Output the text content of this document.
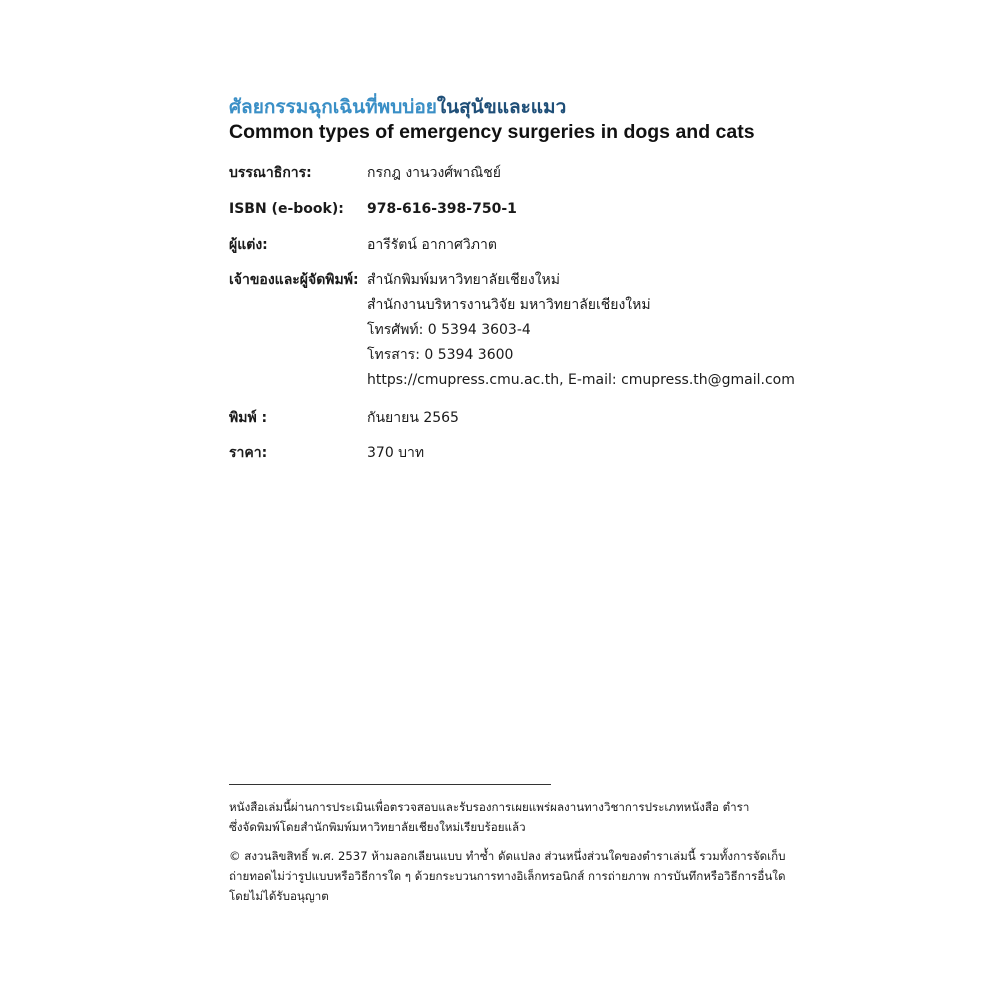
ศัลยกรรมฉุกเฉินที่พบบ่อยในสุนัขและแมว
Common types of emergency surgeries in dogs and cats
บรรณาธิการ:	กรกฎ งานวงศ์พาณิชย์
ISBN (e-book): 978-616-398-750-1
ผู้แต่ง:	อารีรัตน์ อากาศวิภาต
เจ้าของและผู้จัดพิมพ์: สำนักพิมพ์มหาวิทยาลัยเชียงใหม่
สำนักงานบริหารงานวิจัย มหาวิทยาลัยเชียงใหม่
โทรศัพท์: 0 5394 3603-4
โทรสาร: 0 5394 3600
https://cmupress.cmu.ac.th, E-mail: cmupress.th@gmail.com
พิมพ์ :	กันยายน 2565
ราคา:	370 บาท
หนังสือเล่มนี้ผ่านการประเมินเพื่อตรวจสอบและรับรองการเผยแพร่ผลงานทางวิชาการประเภทหนังสือ ตำรา
ซึ่งจัดพิมพ์โดยสำนักพิมพ์มหาวิทยาลัยเชียงใหม่เรียบร้อยแล้ว
© สงวนลิขสิทธิ์ พ.ศ. 2537 ห้ามลอกเลียนแบบ ทำซ้ำ ดัดแปลง ส่วนหนึ่งส่วนใดของตำราเล่มนี้ รวมทั้งการจัดเก็บ
ถ่ายทอดไม่ว่ารูปแบบหรือวิธีการใด ๆ ด้วยกระบวนการทางอิเล็กทรอนิกส์ การถ่ายภาพ การบันทึกหรือวิธีการอื่นใด
โดยไม่ได้รับอนุญาต
